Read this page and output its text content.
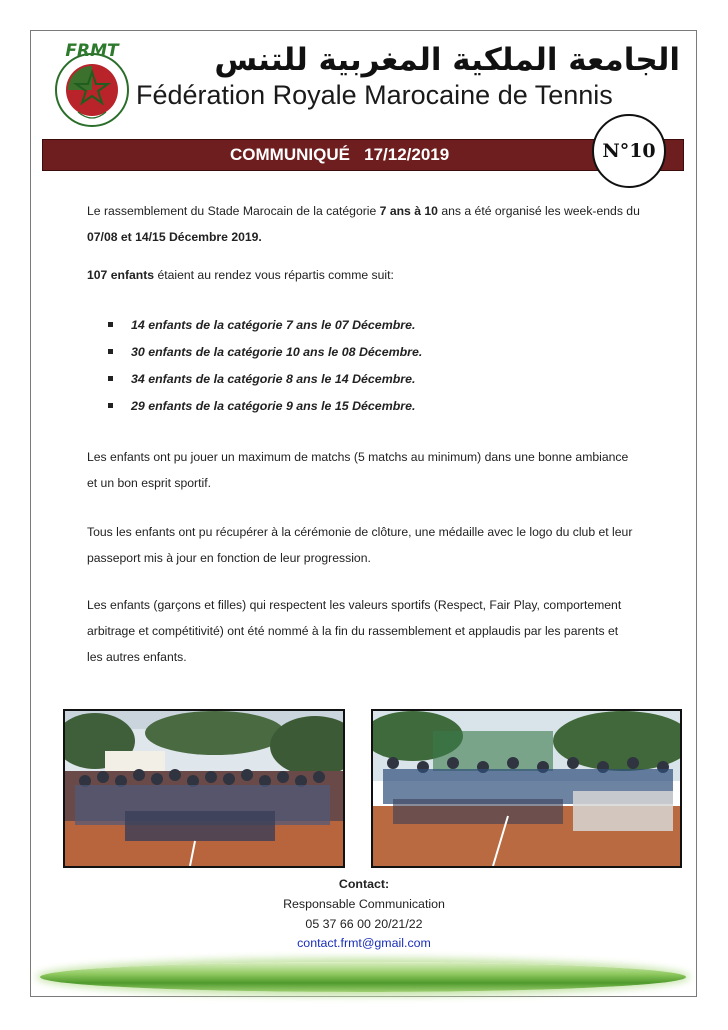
FRMT	الجامعة الملكية المغربية للتنس
Fédération Royale Marocaine de Tennis
COMMUNIQUÉ 17/12/2019	N°10
Le rassemblement du Stade Marocain de la catégorie 7 ans à 10 ans a été organisé les week-ends du
07/08 et 14/15 Décembre 2019.
107 enfants étaient au rendez vous répartis comme suit:
14 enfants de la catégorie 7 ans le 07 Décembre.
30 enfants de la catégorie 10 ans le 08 Décembre.
34 enfants de la catégorie 8 ans le 14 Décembre.
29 enfants de la catégorie 9 ans le 15 Décembre.
Les enfants ont pu jouer un maximum de matchs (5 matchs au minimum) dans une bonne ambiance
et un bon esprit sportif.
Tous les enfants ont pu récupérer à la cérémonie de clôture, une médaille avec le logo du club et leur
passeport mis à jour en fonction de leur progression.
Les enfants (garçons et filles) qui respectent les valeurs sportifs (Respect, Fair Play, comportement
arbitrage et compétitivité) ont été nommé à la fin du rassemblement et applaudis par les parents et
les autres enfants.
Contact:
Responsable Communication
05 37 66 00 20/21/22
contact.frmt@gmail.com
